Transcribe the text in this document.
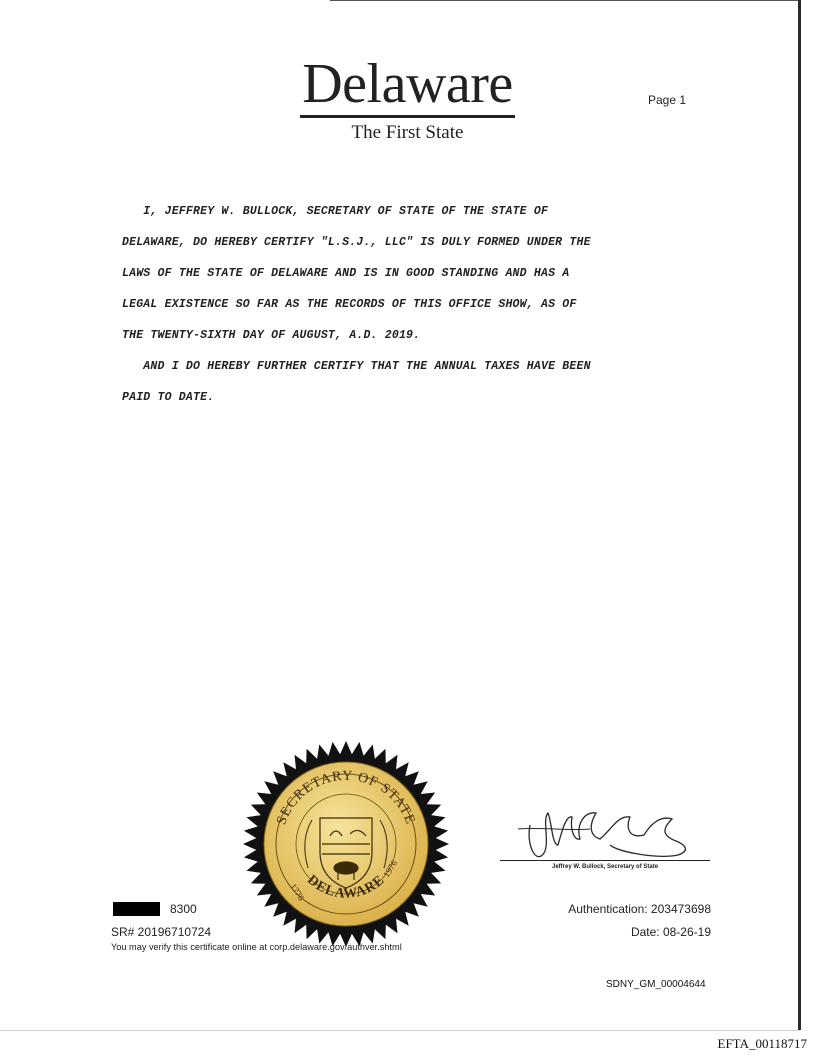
Delaware
The First State
Page 1
I, JEFFREY W. BULLOCK, SECRETARY OF STATE OF THE STATE OF
DELAWARE, DO HEREBY CERTIFY "L.S.J., LLC" IS DULY FORMED UNDER THE
LAWS OF THE STATE OF DELAWARE AND IS IN GOOD STANDING AND HAS A
LEGAL EXISTENCE SO FAR AS THE RECORDS OF THIS OFFICE SHOW, AS OF
THE TWENTY-SIXTH DAY OF AUGUST, A.D. 2019.
AND I DO HEREBY FURTHER CERTIFY THAT THE ANNUAL TAXES HAVE BEEN
PAID TO DATE.
SECRETARY OF STATE
DELAWARE
1776
1976	Jeffrey W. Bullock, Secretary of State
8300
SR# 20196710724
You may verify this certificate online at corp.delaware.gov/authver.shtml
Authentication: 203473698
Date: 08-26-19
SDNY_GM_00004644
EFTA_00118717
